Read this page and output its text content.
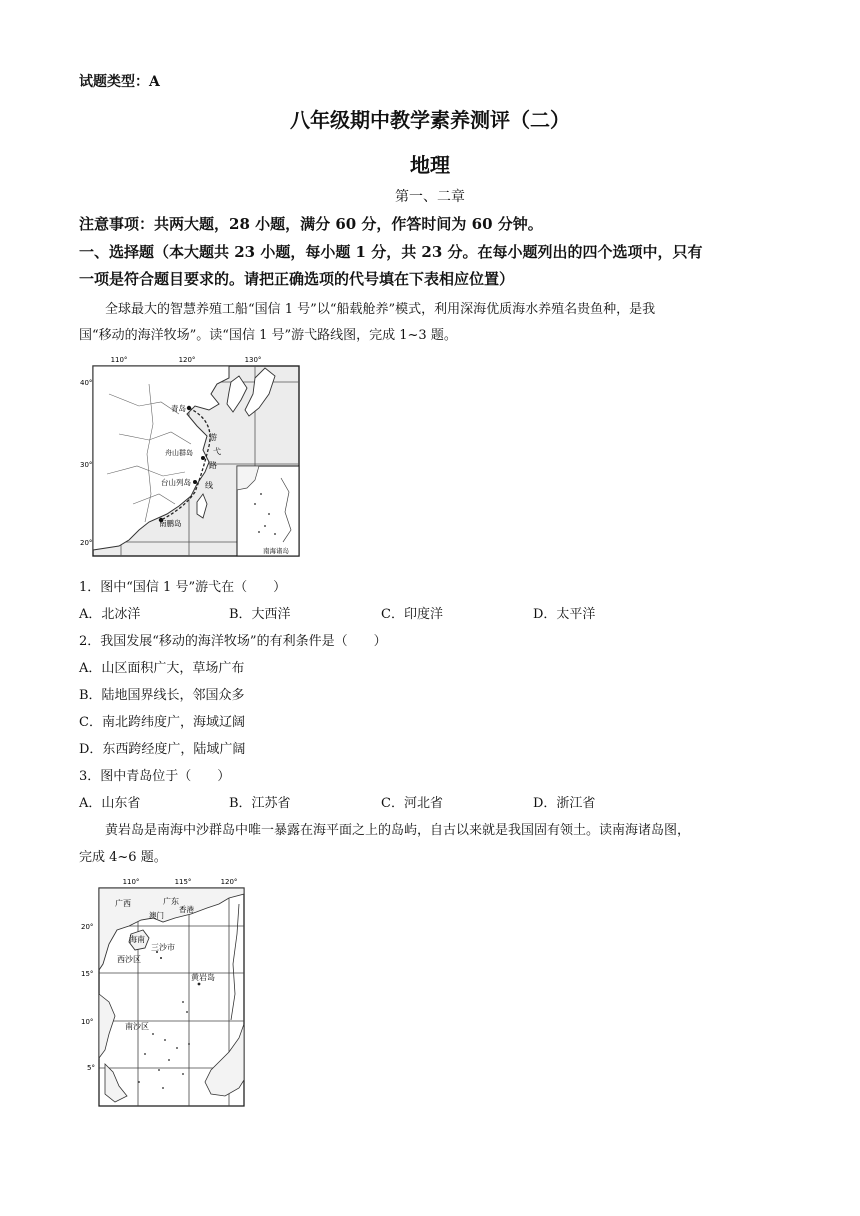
试题类型：A
八年级期中教学素养测评（二）
地理
第一、二章
注意事项：共两大题，28 小题，满分 60 分，作答时间为 60 分钟。
一、选择题（本大题共 23 小题，每小题 1 分，共 23 分。在每小题列出的四个选项中，只有
一项是符合题目要求的。请把正确选项的代号填在下表相应位置）
全球最大的智慧养殖工船“国信 1 号”以“船载舱养”模式，利用深海优质海水养殖名贵鱼种，是我
国“移动的海洋牧场”。读“国信 1 号”游弋路线图，完成 1~3 题。
110°	120°	130°
40°
30°
20°
青岛
舟山群岛
台山列岛
南鹏岛
游
弋
路
线
南海诸岛
1．图中“国信 1 号”游弋在（　　）
A．北冰洋	B．大西洋	C．印度洋	D．太平洋
2．我国发展“移动的海洋牧场”的有利条件是（　　）
A．山区面积广大，草场广布
B．陆地国界线长，邻国众多
C．南北跨纬度广，海域辽阔
D．东西跨经度广，陆域广阔
3．图中青岛位于（　　）
A．山东省	B．江苏省	C．河北省	D．浙江省
黄岩岛是南海中沙群岛中唯一暴露在海平面之上的岛屿，自古以来就是我国固有领土。读南海诸岛图，
完成 4~6 题。
110°	115°	120°
20°
15°
10°
5°
广西	广东
香港
澳门
海南
三沙市
西沙区
黄岩岛
南沙区
